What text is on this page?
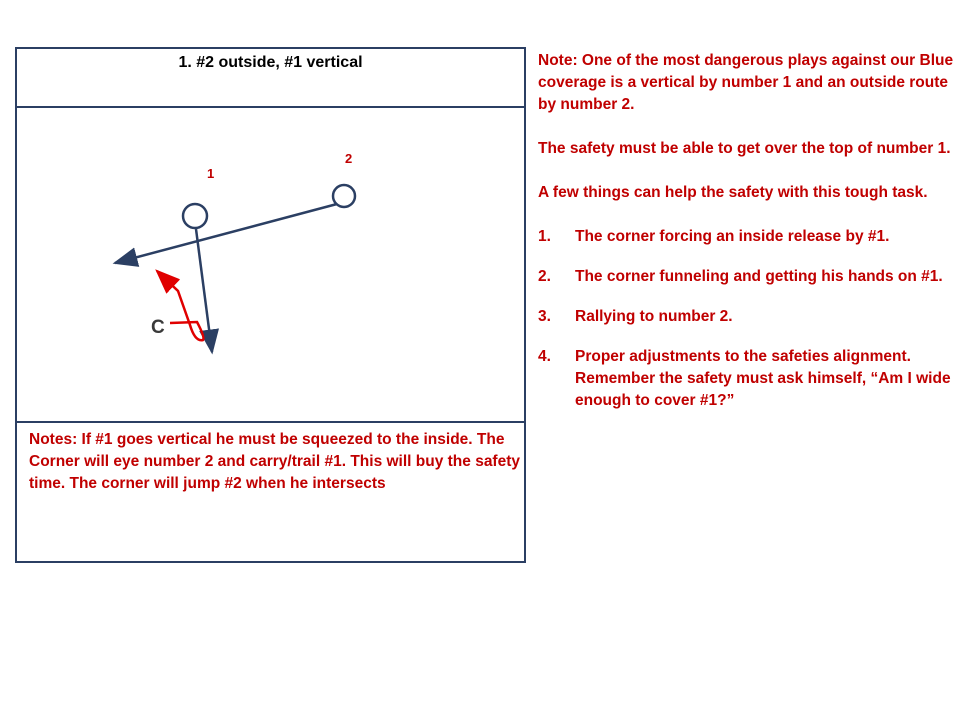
1. #2 outside, #1 vertical
1
2
C
Notes: If #1 goes vertical he must be squeezed to the inside. The Corner will eye number 2 and carry/trail #1. This will buy the safety time. The corner will jump #2 when he intersects

Note: One of the most dangerous plays against our Blue coverage is a vertical by number 1 and an outside route by number 2.

The safety must be able to get over the top of number 1.

A few things can help the safety with this tough task.

1. The corner forcing an inside release by #1.
2. The corner funneling and getting his hands on #1.
3. Rallying to number 2.
4. Proper adjustments to the safeties alignment. Remember the safety must ask himself, “Am I wide enough to cover #1?”
